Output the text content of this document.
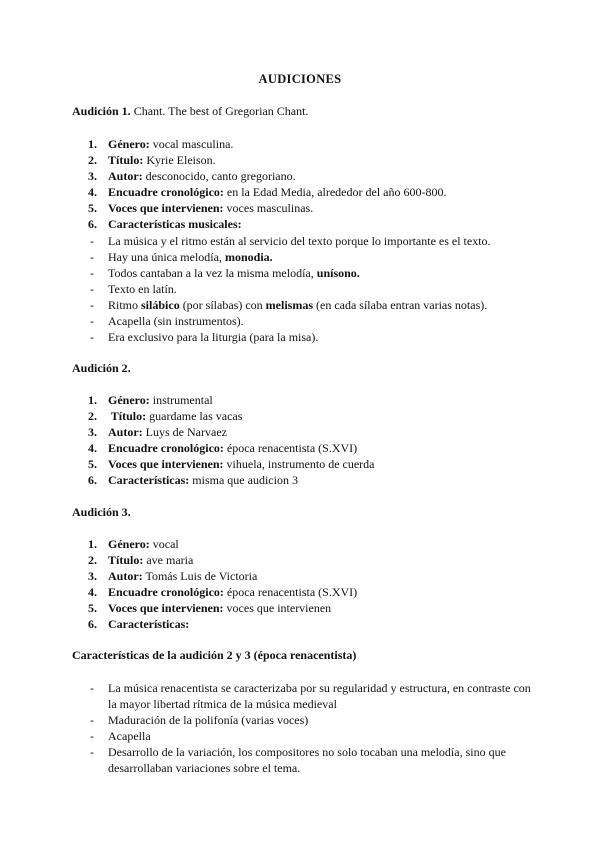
AUDICIONES
Audición 1. Chant. The best of Gregorian Chant.
1. Género: vocal masculina.
2. Título: Kyrie Eleison.
3. Autor: desconocido, canto gregoriano.
4. Encuadre cronológico: en la Edad Media, alrededor del año 600-800.
5. Voces que intervienen: voces masculinas.
6. Características musicales:
-	La música y el ritmo están al servicio del texto porque lo importante es el texto.
-	Hay una única melodía, monodia.
-	Todos cantaban a la vez la misma melodía, unísono.
-	Texto en latín.
-	Ritmo silábico (por sílabas) con melismas (en cada sílaba entran varias notas).
-	Acapella (sin instrumentos).
-	Era exclusivo para la liturgia (para la misa).
Audición 2.
1. Género: instrumental
2. Título: guardame las vacas
3. Autor: Luys de Narvaez
4. Encuadre cronológico: época renacentista (S.XVI)
5. Voces que intervienen: vihuela, instrumento de cuerda
6. Características: misma que audicion 3
Audición 3.
1. Género: vocal
2. Título: ave maria
3. Autor: Tomás Luis de Victoria
4. Encuadre cronológico: época renacentista (S.XVI)
5. Voces que intervienen: voces que intervienen
6. Características:
Características de la audición 2 y 3 (época renacentista)
- La música renacentista se caracterizaba por su regularidad y estructura, en contraste con la mayor libertad rítmica de la música medieval
- Maduración de la polifonía (varias voces)
- Acapella
- Desarrollo de la variación, los compositores no solo tocaban una melodía, sino que desarrollaban variaciones sobre el tema.
